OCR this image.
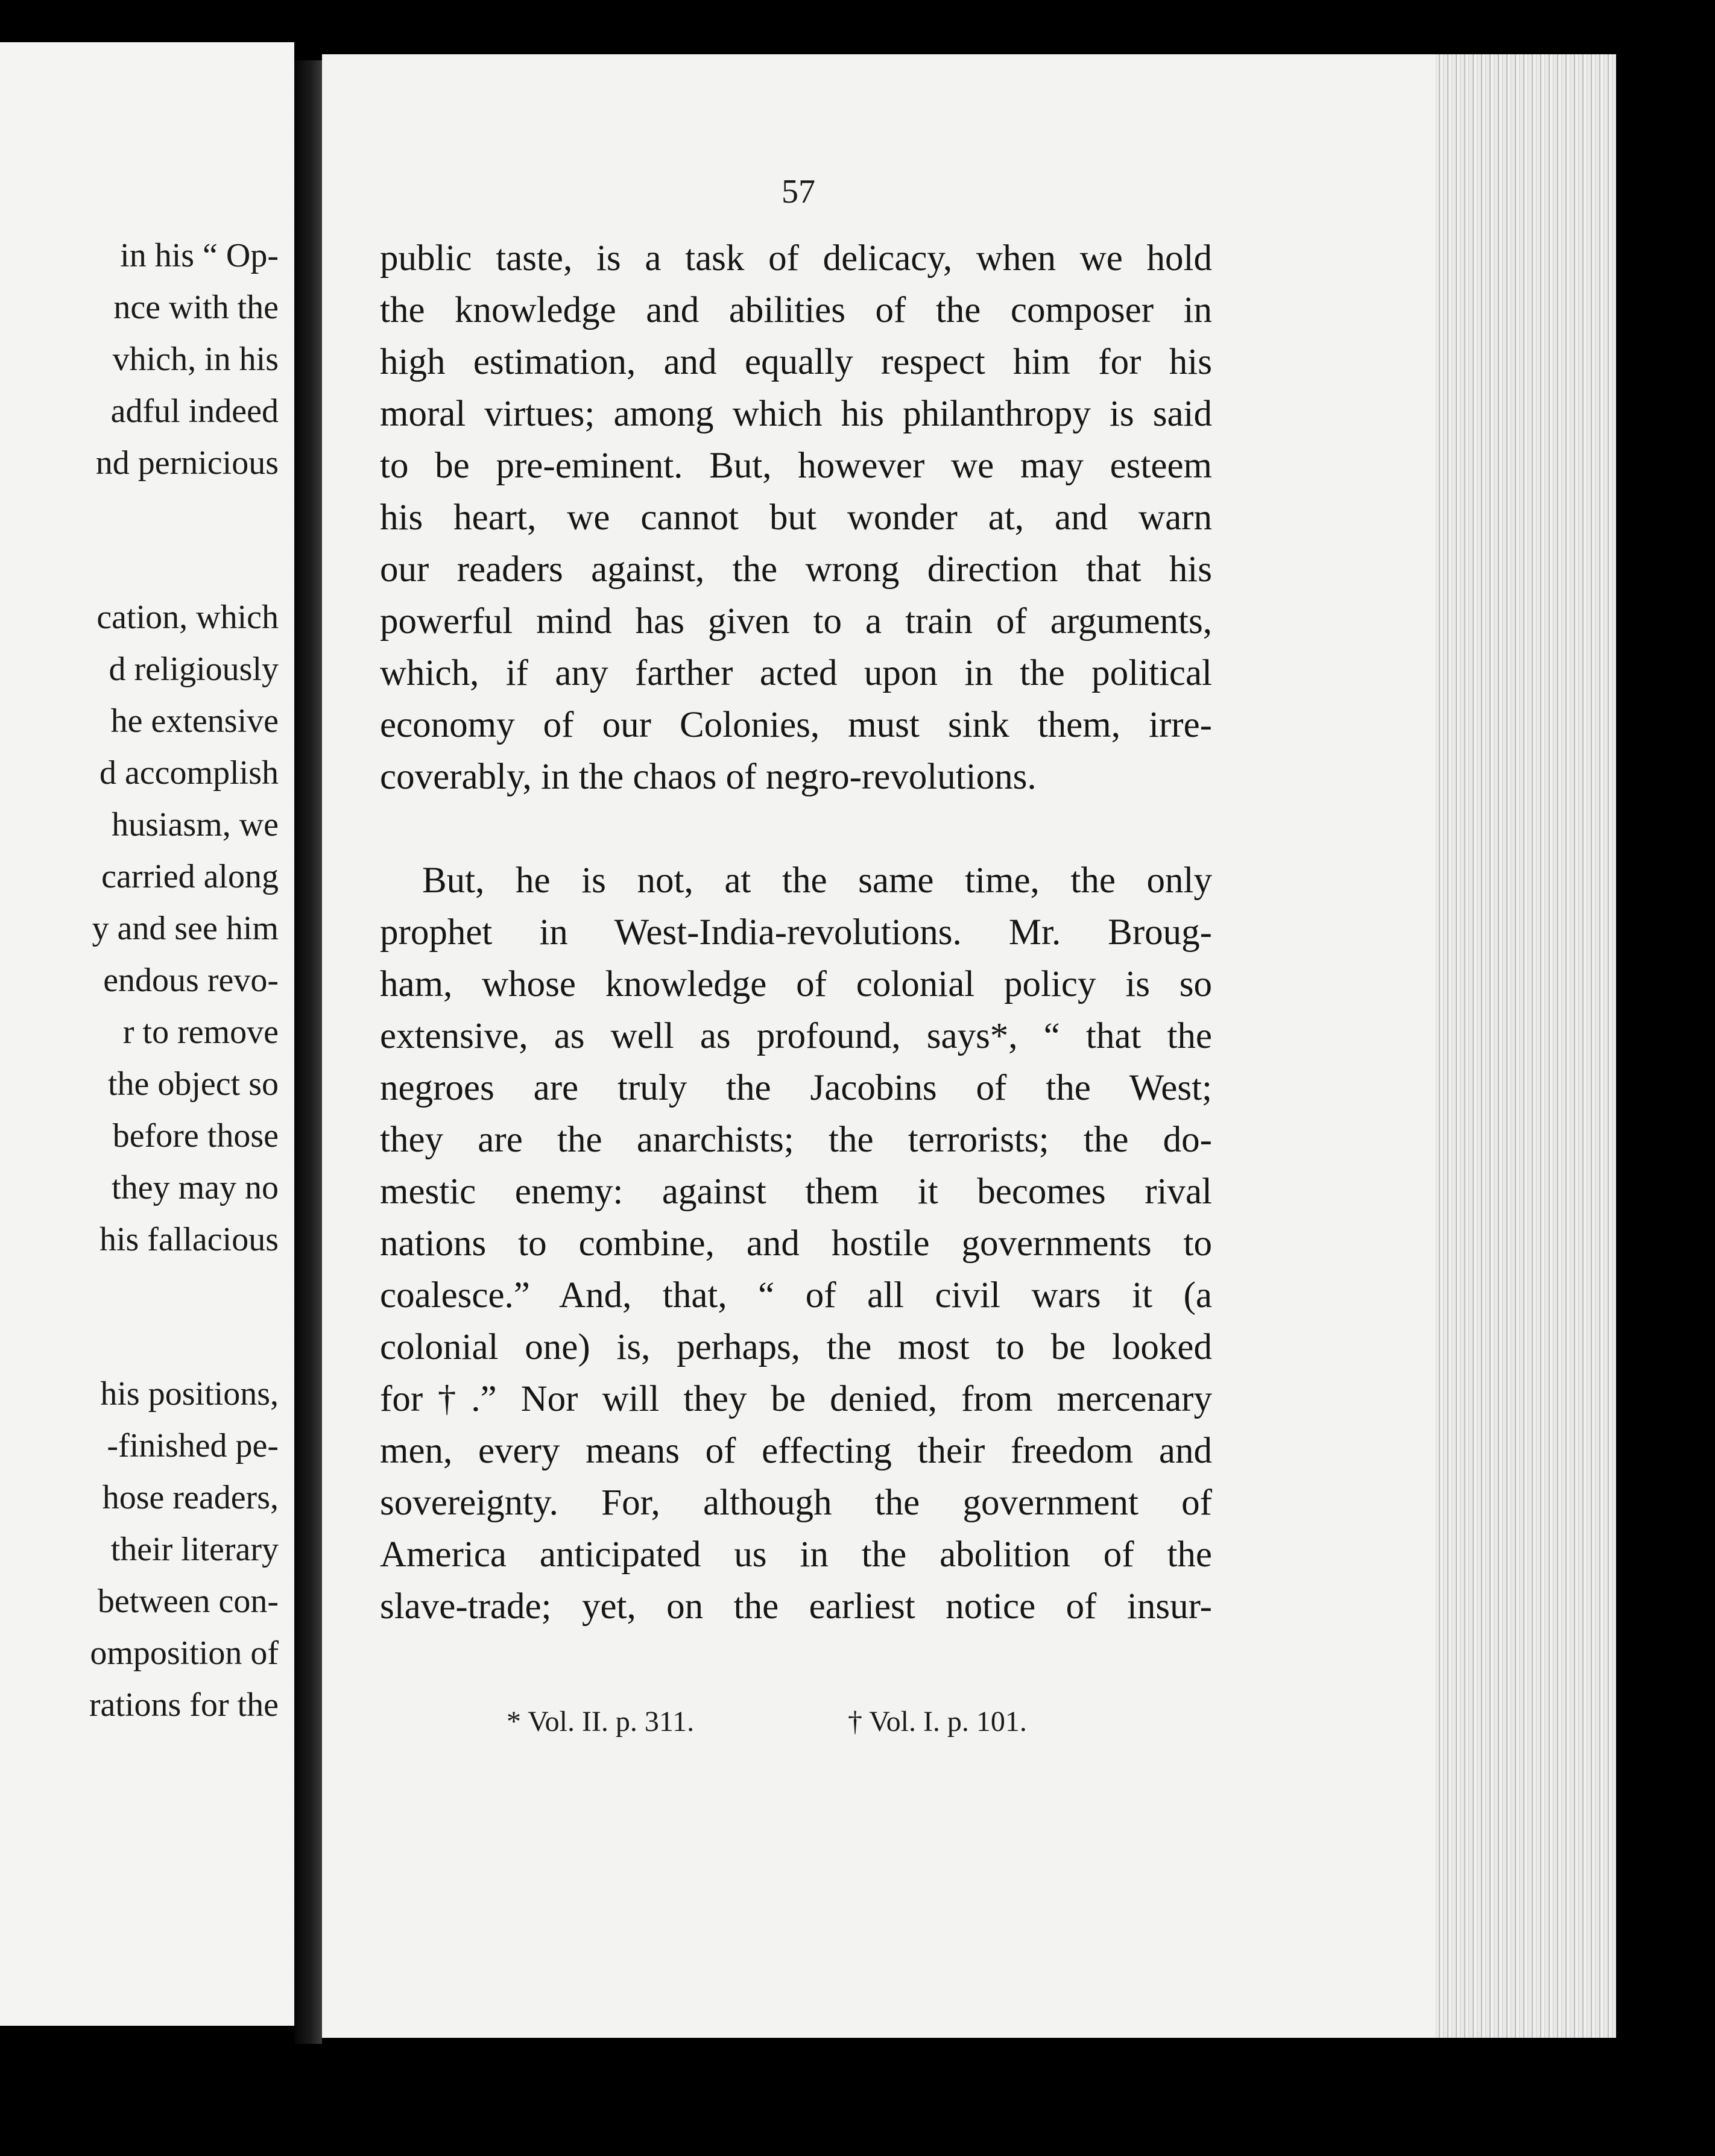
in his “ Op-
nce with the
vhich, in his
adful indeed
nd pernicious
cation, which
d religiously
he extensive
d accomplish
husiasm, we
carried along
y and see him
endous revo-
r to remove
the object so
before those
they may no
his fallacious
his positions,
-finished pe-
hose readers,
their literary
between con-
omposition of
rations for the
57
public taste, is a task of delicacy, when we hold
the knowledge and abilities of the composer in
high estimation, and equally respect him for his
moral virtues; among which his philanthropy is said
to be pre-eminent. But, however we may esteem
his heart, we cannot but wonder at, and warn
our readers against, the wrong direction that his
powerful mind has given to a train of arguments,
which, if any farther acted upon in the political
economy of our Colonies, must sink them, irre-
coverably, in the chaos of negro-revolutions.
But, he is not, at the same time, the only
prophet in West-India-revolutions. Mr. Broug-
ham, whose knowledge of colonial policy is so
extensive, as well as profound, says*, “ that the
negroes are truly the Jacobins of the West;
they are the anarchists; the terrorists; the do-
mestic enemy: against them it becomes rival
nations to combine, and hostile governments to
coalesce.” And, that, “ of all civil wars it (a
colonial one) is, perhaps, the most to be looked
for†.” Nor will they be denied, from mercenary
men, every means of effecting their freedom and
sovereignty. For, although the government of
America anticipated us in the abolition of the
slave-trade; yet, on the earliest notice of insur-
* Vol. II. p. 311.	† Vol. I. p. 101.
